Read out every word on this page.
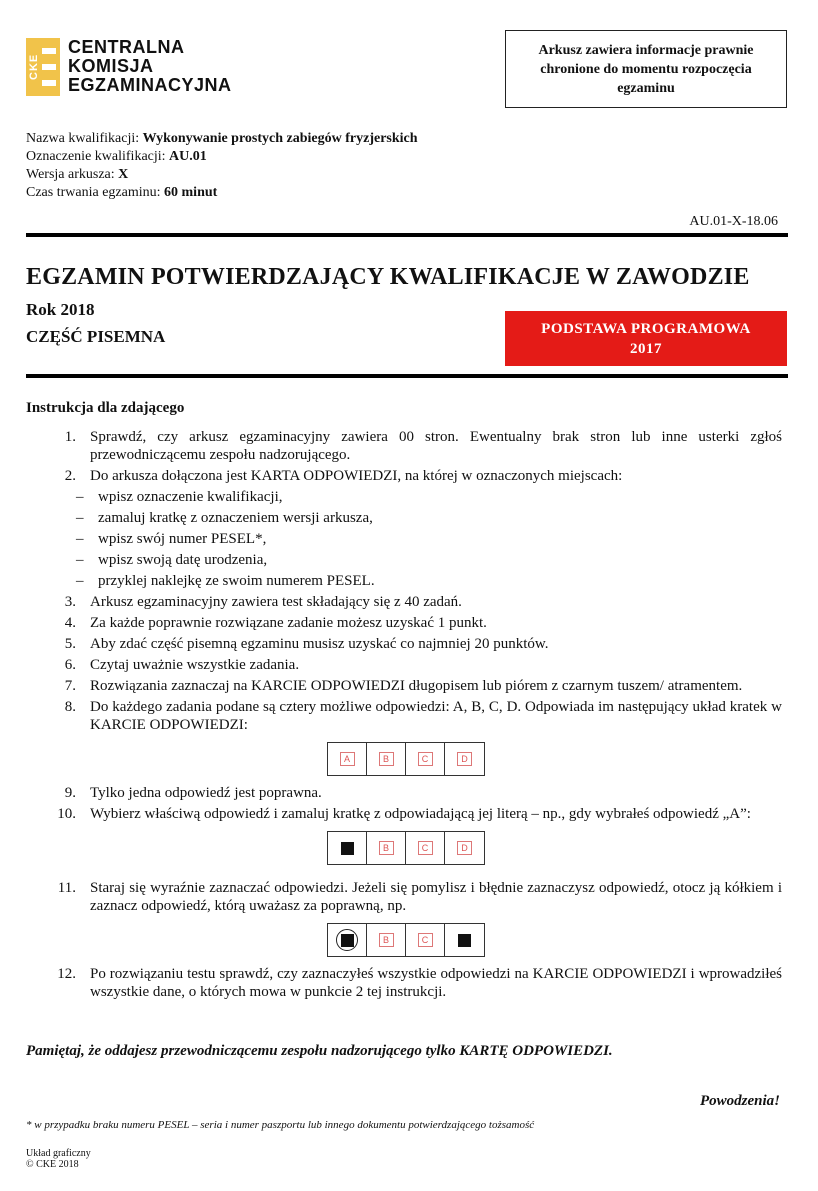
CKE
CENTRALNA
KOMISJA
EGZAMINACYJNA
Arkusz zawiera informacje prawnie chronione do momentu rozpoczęcia egzaminu
Nazwa kwalifikacji: Wykonywanie prostych zabiegów fryzjerskich
Oznaczenie kwalifikacji: AU.01
Wersja arkusza: X
Czas trwania egzaminu: 60 minut
AU.01-X-18.06
EGZAMIN POTWIERDZAJĄCY KWALIFIKACJE W ZAWODZIE
Rok 2018
CZĘŚĆ PISEMNA	PODSTAWA PROGRAMOWA
2017
Instrukcja dla zdającego
1. Sprawdź, czy arkusz egzaminacyjny zawiera 00 stron. Ewentualny brak stron lub inne usterki zgłoś przewodniczącemu zespołu nadzorującego.
2. Do arkusza dołączona jest KARTA ODPOWIEDZI, na której w oznaczonych miejscach:
– wpisz oznaczenie kwalifikacji,
– zamaluj kratkę z oznaczeniem wersji arkusza,
– wpisz swój numer PESEL*,
– wpisz swoją datę urodzenia,
– przyklej naklejkę ze swoim numerem PESEL.
3. Arkusz egzaminacyjny zawiera test składający się z 40 zadań.
4. Za każde poprawnie rozwiązane zadanie możesz uzyskać 1 punkt.
5. Aby zdać część pisemną egzaminu musisz uzyskać co najmniej 20 punktów.
6. Czytaj uważnie wszystkie zadania.
7. Rozwiązania zaznaczaj na KARCIE ODPOWIEDZI długopisem lub piórem z czarnym tuszem/ atramentem.
8. Do każdego zadania podane są cztery możliwe odpowiedzi: A, B, C, D. Odpowiada im następujący układ kratek w KARCIE ODPOWIEDZI:
A	B	C	D
9. Tylko jedna odpowiedź jest poprawna.
10. Wybierz właściwą odpowiedź i zamaluj kratkę z odpowiadającą jej literą – np., gdy wybrałeś odpowiedź „A”:
B	C	D
11. Staraj się wyraźnie zaznaczać odpowiedzi. Jeżeli się pomylisz i błędnie zaznaczysz odpowiedź, otocz ją kółkiem i zaznacz odpowiedź, którą uważasz za poprawną, np.
B	C
12. Po rozwiązaniu testu sprawdź, czy zaznaczyłeś wszystkie odpowiedzi na KARCIE ODPOWIEDZI i wprowadziłeś wszystkie dane, o których mowa w punkcie 2 tej instrukcji.
Pamiętaj, że oddajesz przewodniczącemu zespołu nadzorującego tylko KARTĘ ODPOWIEDZI.
Powodzenia!
* w przypadku braku numeru PESEL – seria i numer paszportu lub innego dokumentu potwierdzającego tożsamość
Układ graficzny
© CKE 2018
